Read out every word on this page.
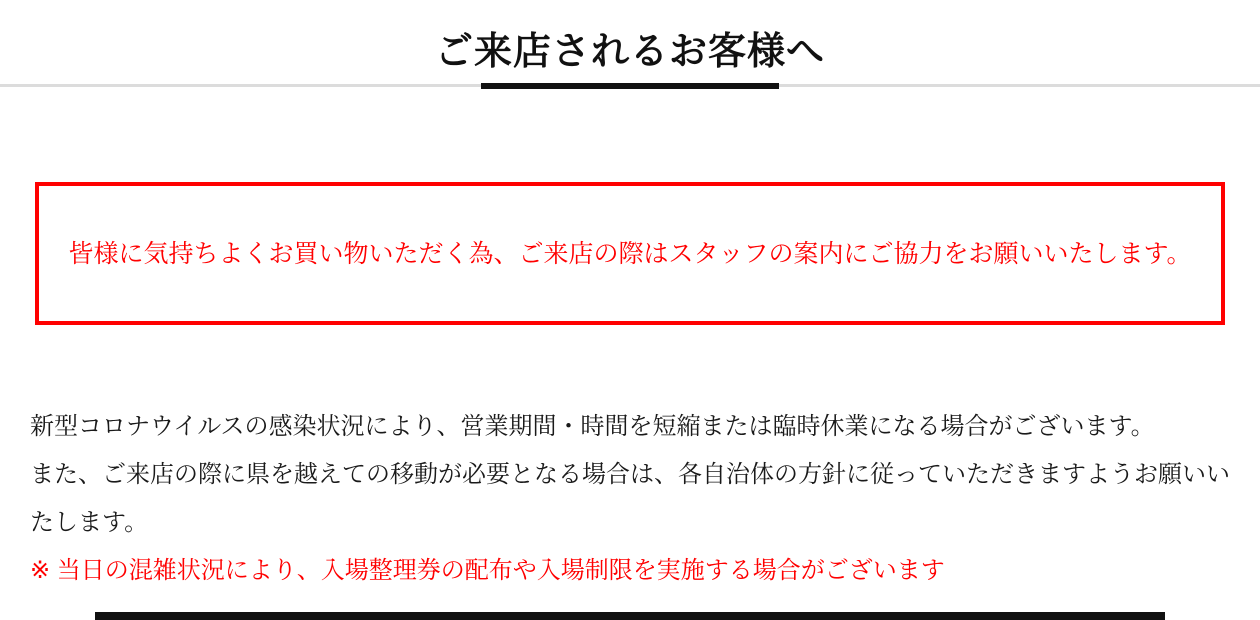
ご来店されるお客様へ

皆様に気持ちよくお買い物いただく為、ご来店の際はスタッフの案内にご協力をお願いいたします。

新型コロナウイルスの感染状況により、営業期間・時間を短縮または臨時休業になる場合がございます。
また、ご来店の際に県を越えての移動が必要となる場合は、各自治体の方針に従っていただきますようお願いいたします。

※ 当日の混雑状況により、入場整理券の配布や入場制限を実施する場合がございます
